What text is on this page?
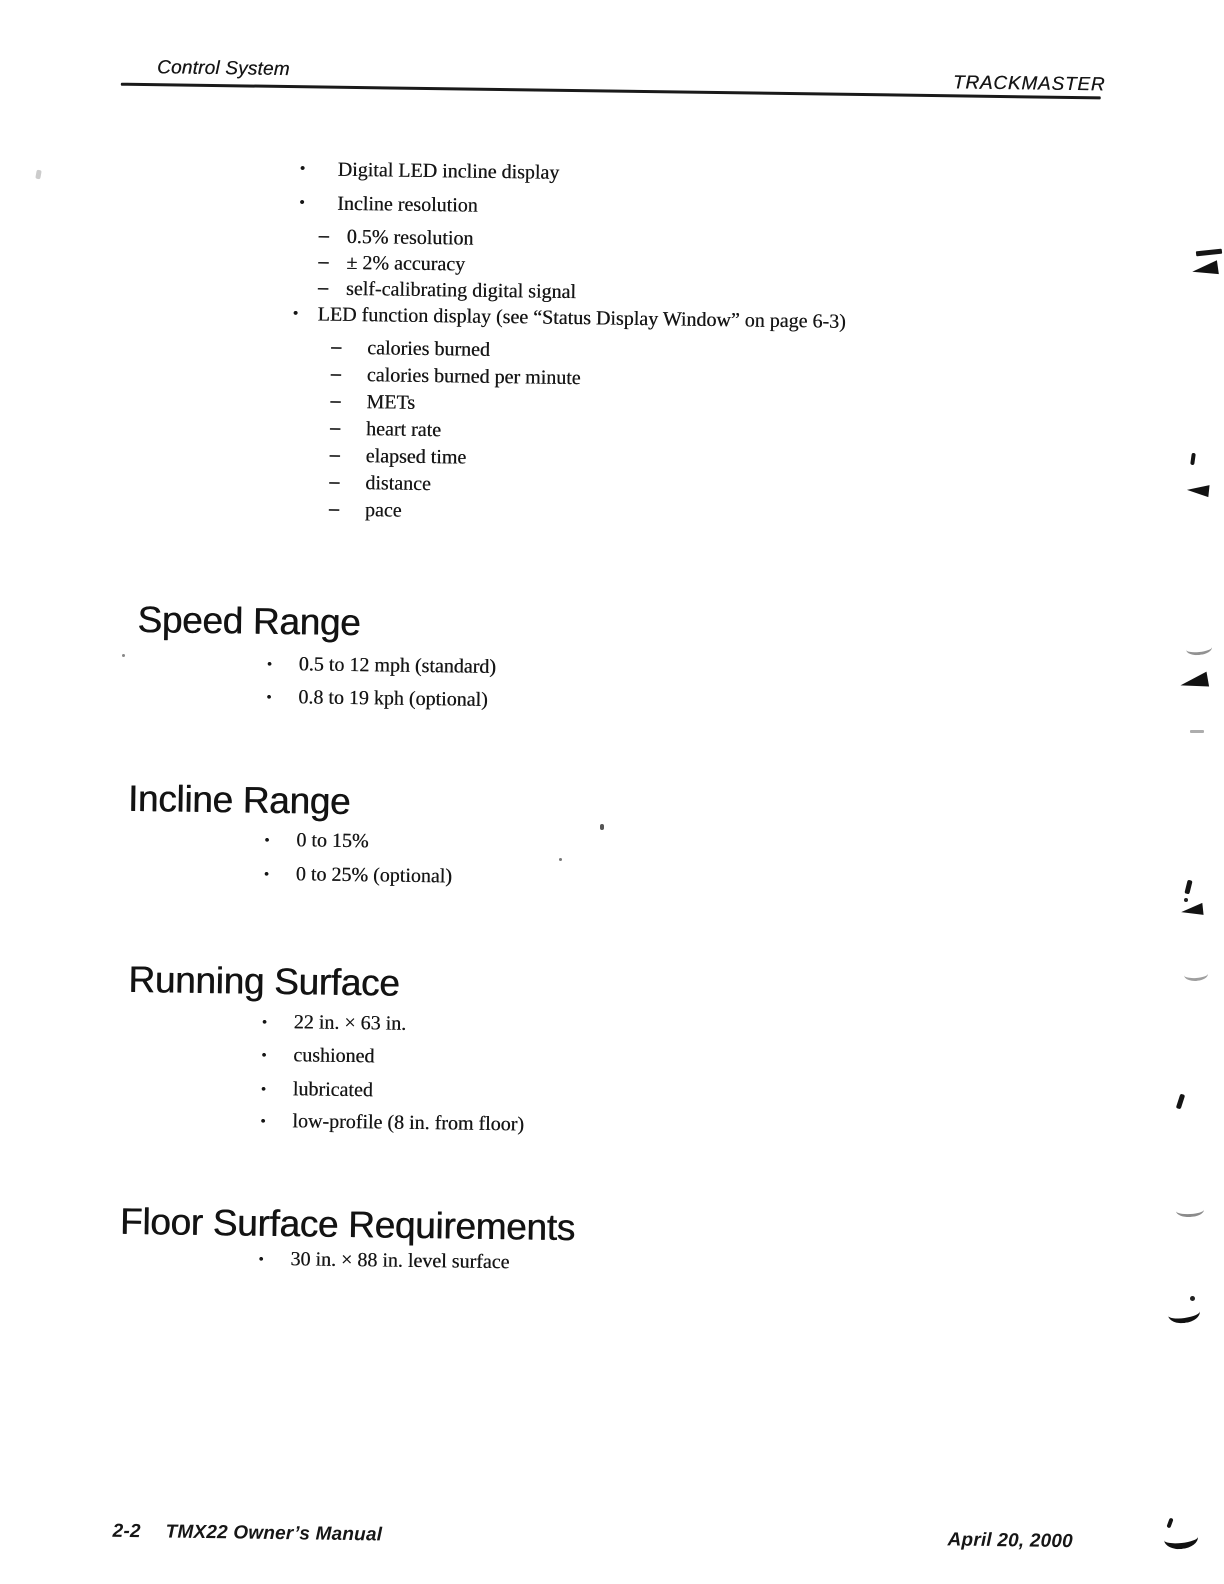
Control System
TRACKMASTER
• Digital LED incline display
• Incline resolution
– 0.5% resolution
– ± 2% accuracy
– self-calibrating digital signal
• LED function display (see “Status Display Window” on page 6-3)
– calories burned
– calories burned per minute
– METs
– heart rate
– elapsed time
– distance
– pace
Speed Range
• 0.5 to 12 mph (standard)
• 0.8 to 19 kph (optional)
Incline Range
• 0 to 15%
• 0 to 25% (optional)
Running Surface
• 22 in. × 63 in.
• cushioned
• lubricated
• low-profile (8 in. from floor)
Floor Surface Requirements
• 30 in. × 88 in. level surface
2-2 TMX22 Owner’s Manual	April 20, 2000
